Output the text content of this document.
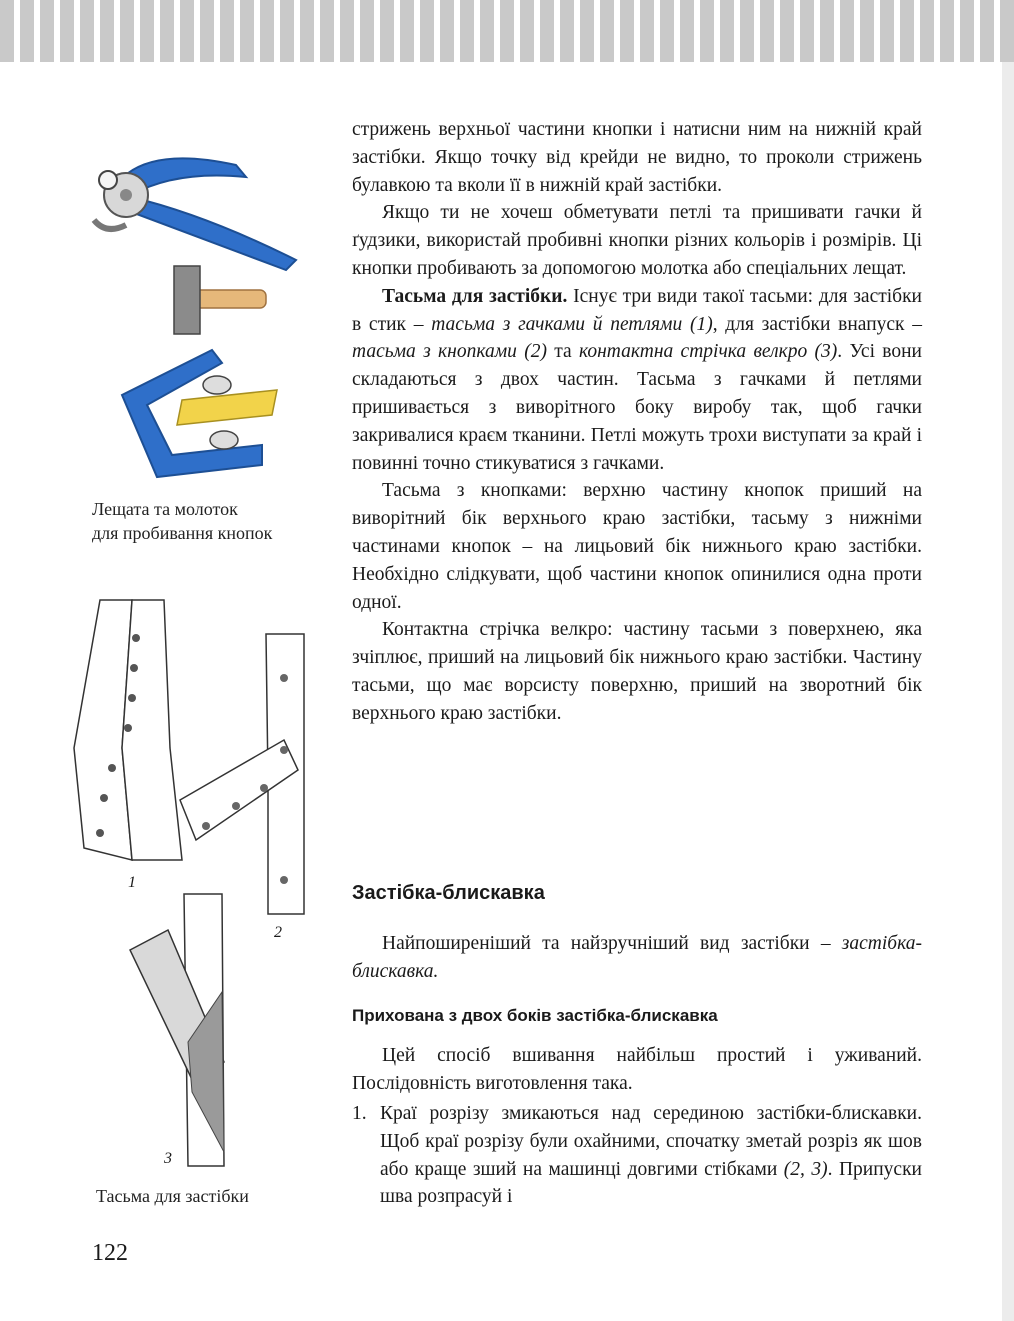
Лещата та молоток
для пробивання кнопок
1
2
3
Тасьма для застібки

стрижень верхньої частини кнопки і натисни ним на нижній край застібки. Якщо точку від крейди не видно, то проколи стрижень булавкою та вколи її в нижній край застібки.

Якщо ти не хочеш обметувати петлі та пришивати гачки й ґудзики, використай пробивні кнопки різних кольорів і розмірів. Ці кнопки пробивають за допомогою молотка або спеціальних лещат.

Тасьма для застібки. Існує три види такої тасьми: для застібки в стик – тасьма з гачками й петлями (1), для застібки внапуск – тасьма з кнопками (2) та контактна стрічка велкро (3). Усі вони складаються з двох частин. Тасьма з гачками й петлями пришивається з виворітного боку виробу так, щоб гачки закривалися краєм тканини. Петлі можуть трохи виступати за край і повинні точно стикуватися з гачками.

Тасьма з кнопками: верхню частину кнопок приший на виворітний бік верхнього краю застібки, тасьму з нижніми частинами кнопок – на лицьовий бік нижнього краю застібки. Необхідно слідкувати, щоб частини кнопок опинилися одна проти одної.

Контактна стрічка велкро: частину тасьми з поверхнею, яка зчіплює, приший на лицьовий бік нижнього краю застібки. Частину тасьми, що має ворсисту поверхню, приший на зворотний бік верхнього краю застібки.

Застібка-блискавка

Найпоширеніший та найзручніший вид застібки – застібка-блискавка.

Прихована з двох боків застібка-блискавка

Цей спосіб вшивання найбільш простий і уживаний. Послідовність виготовлення така.

1. Краї розрізу змикаються над серединою застібки-блискавки. Щоб краї розрізу були охайними, спочатку зметай розріз як шов або краще зший на машинці довгими стібками (2, 3). Припуски шва розпрасуй і
122
